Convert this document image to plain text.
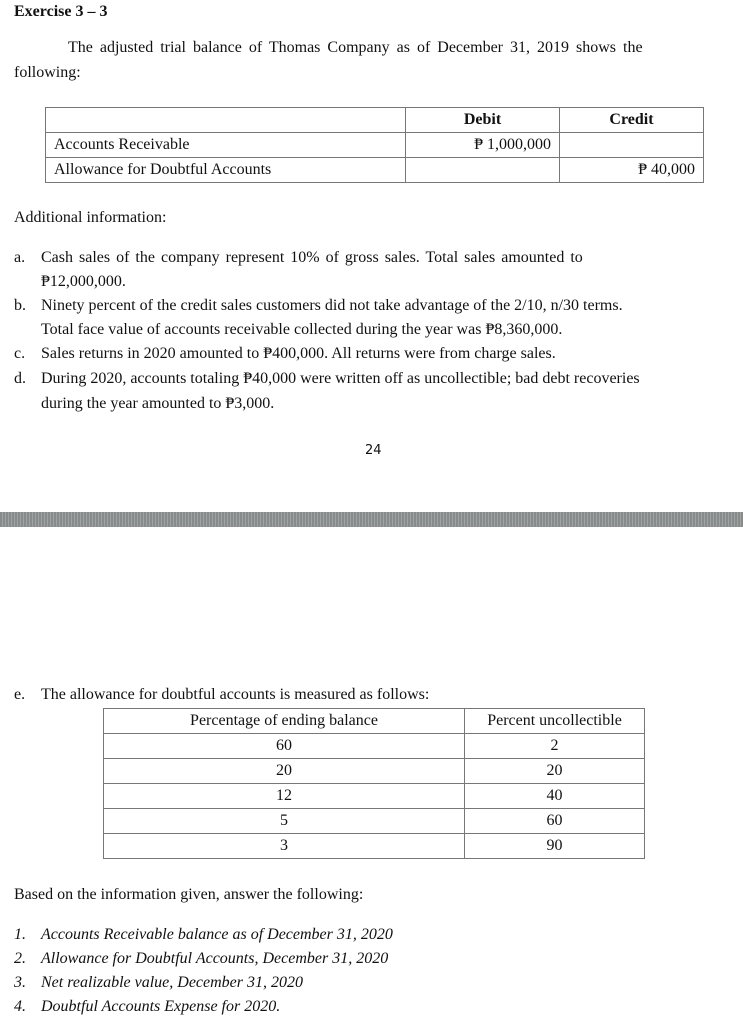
Exercise 3 – 3
The adjusted trial balance of Thomas Company as of December 31, 2019 shows the
following:
	Debit	Credit
Accounts Receivable	₱ 1,000,000	
Allowance for Doubtful Accounts		₱ 40,000
Additional information:
a. Cash sales of the company represent 10% of gross sales. Total sales amounted to
₱12,000,000.
b. Ninety percent of the credit sales customers did not take advantage of the 2/10, n/30 terms.
Total face value of accounts receivable collected during the year was ₱8,360,000.
c. Sales returns in 2020 amounted to ₱400,000. All returns were from charge sales.
d. During 2020, accounts totaling ₱40,000 were written off as uncollectible; bad debt recoveries
during the year amounted to ₱3,000.
24
e. The allowance for doubtful accounts is measured as follows:
Percentage of ending balance	Percent uncollectible
60	2
20	20
12	40
5	60
3	90
Based on the information given, answer the following:
1. Accounts Receivable balance as of December 31, 2020
2. Allowance for Doubtful Accounts, December 31, 2020
3. Net realizable value, December 31, 2020
4. Doubtful Accounts Expense for 2020.
